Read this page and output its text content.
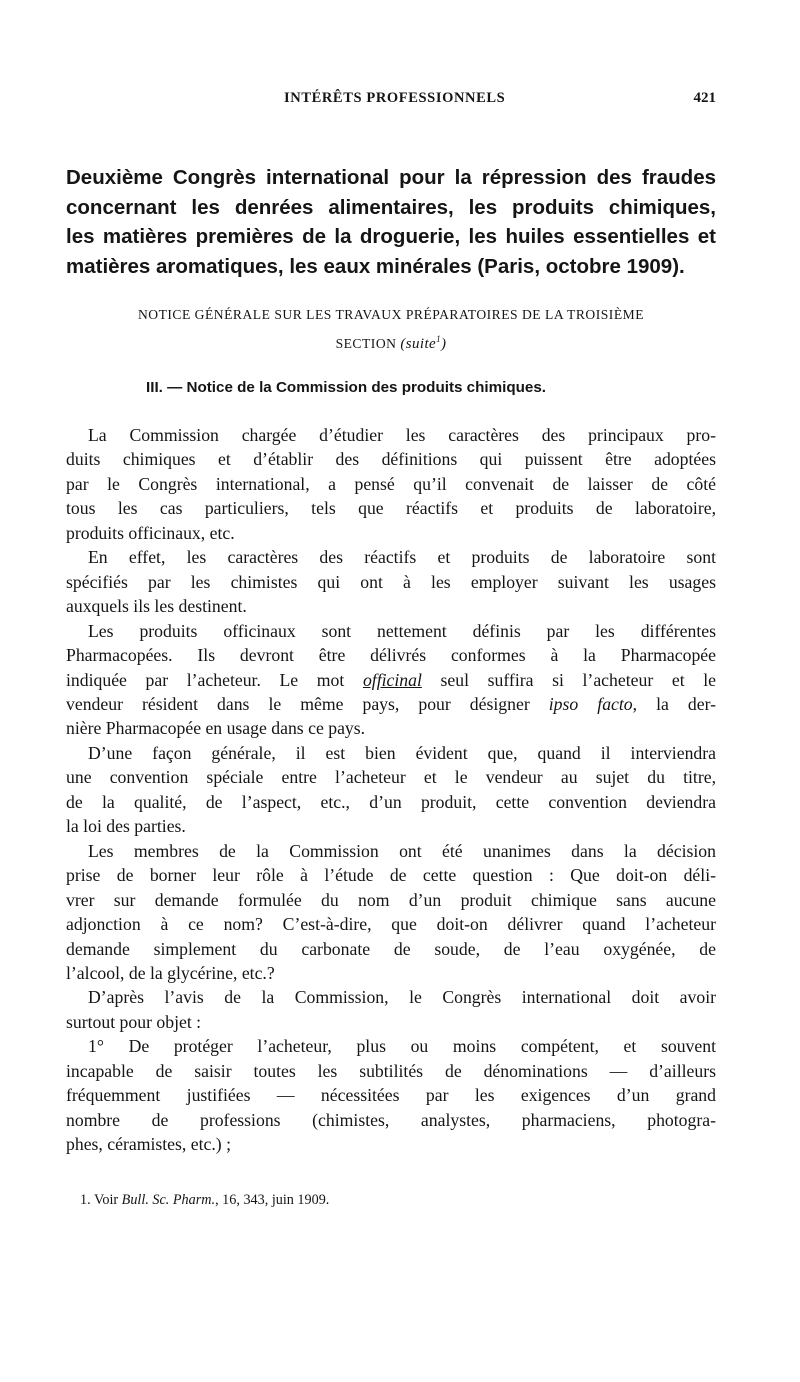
INTÉRÊTS PROFESSIONNELS	421
Deuxième Congrès international pour la répression des fraudes
concernant les denrées alimentaires, les produits chimiques,
les matières premières de la droguerie, les huiles essentielles et
matières aromatiques, les eaux minérales (Paris, octobre 1909).
NOTICE GÉNÉRALE SUR LES TRAVAUX PRÉPARATOIRES DE LA TROISIÈME
SECTION (suite$^1$)
III. — Notice de la Commission des produits chimiques.
La Commission chargée d’étudier les caractères des principaux pro-
duits chimiques et d’établir des définitions qui puissent être adoptées
par le Congrès international, a pensé qu’il convenait de laisser de côté
tous les cas particuliers, tels que réactifs et produits de laboratoire,
produits officinaux, etc.
En effet, les caractères des réactifs et produits de laboratoire sont
spécifiés par les chimistes qui ont à les employer suivant les usages
auxquels ils les destinent.
Les produits officinaux sont nettement définis par les différentes
Pharmacopées. Ils devront être délivrés conformes à la Pharmacopée
indiquée par l’acheteur. Le mot officinal seul suffira si l’acheteur et le
vendeur résident dans le même pays, pour désigner ipso facto, la der-
nière Pharmacopée en usage dans ce pays.
D’une façon générale, il est bien évident que, quand il interviendra
une convention spéciale entre l’acheteur et le vendeur au sujet du titre,
de la qualité, de l’aspect, etc., d’un produit, cette convention deviendra
la loi des parties.
Les membres de la Commission ont été unanimes dans la décision
prise de borner leur rôle à l’étude de cette question : Que doit-on déli-
vrer sur demande formulée du nom d’un produit chimique sans aucune
adjonction à ce nom? C’est-à-dire, que doit-on délivrer quand l’acheteur
demande simplement du carbonate de soude, de l’eau oxygénée, de
l’alcool, de la glycérine, etc.?
D’après l’avis de la Commission, le Congrès international doit avoir
surtout pour objet :
1° De protéger l’acheteur, plus ou moins compétent, et souvent
incapable de saisir toutes les subtilités de dénominations — d’ailleurs
fréquemment justifiées — nécessitées par les exigences d’un grand
nombre de professions (chimistes, analystes, pharmaciens, photogra-
phes, céramistes, etc.) ;
1. Voir Bull. Sc. Pharm., 16, 343, juin 1909.
